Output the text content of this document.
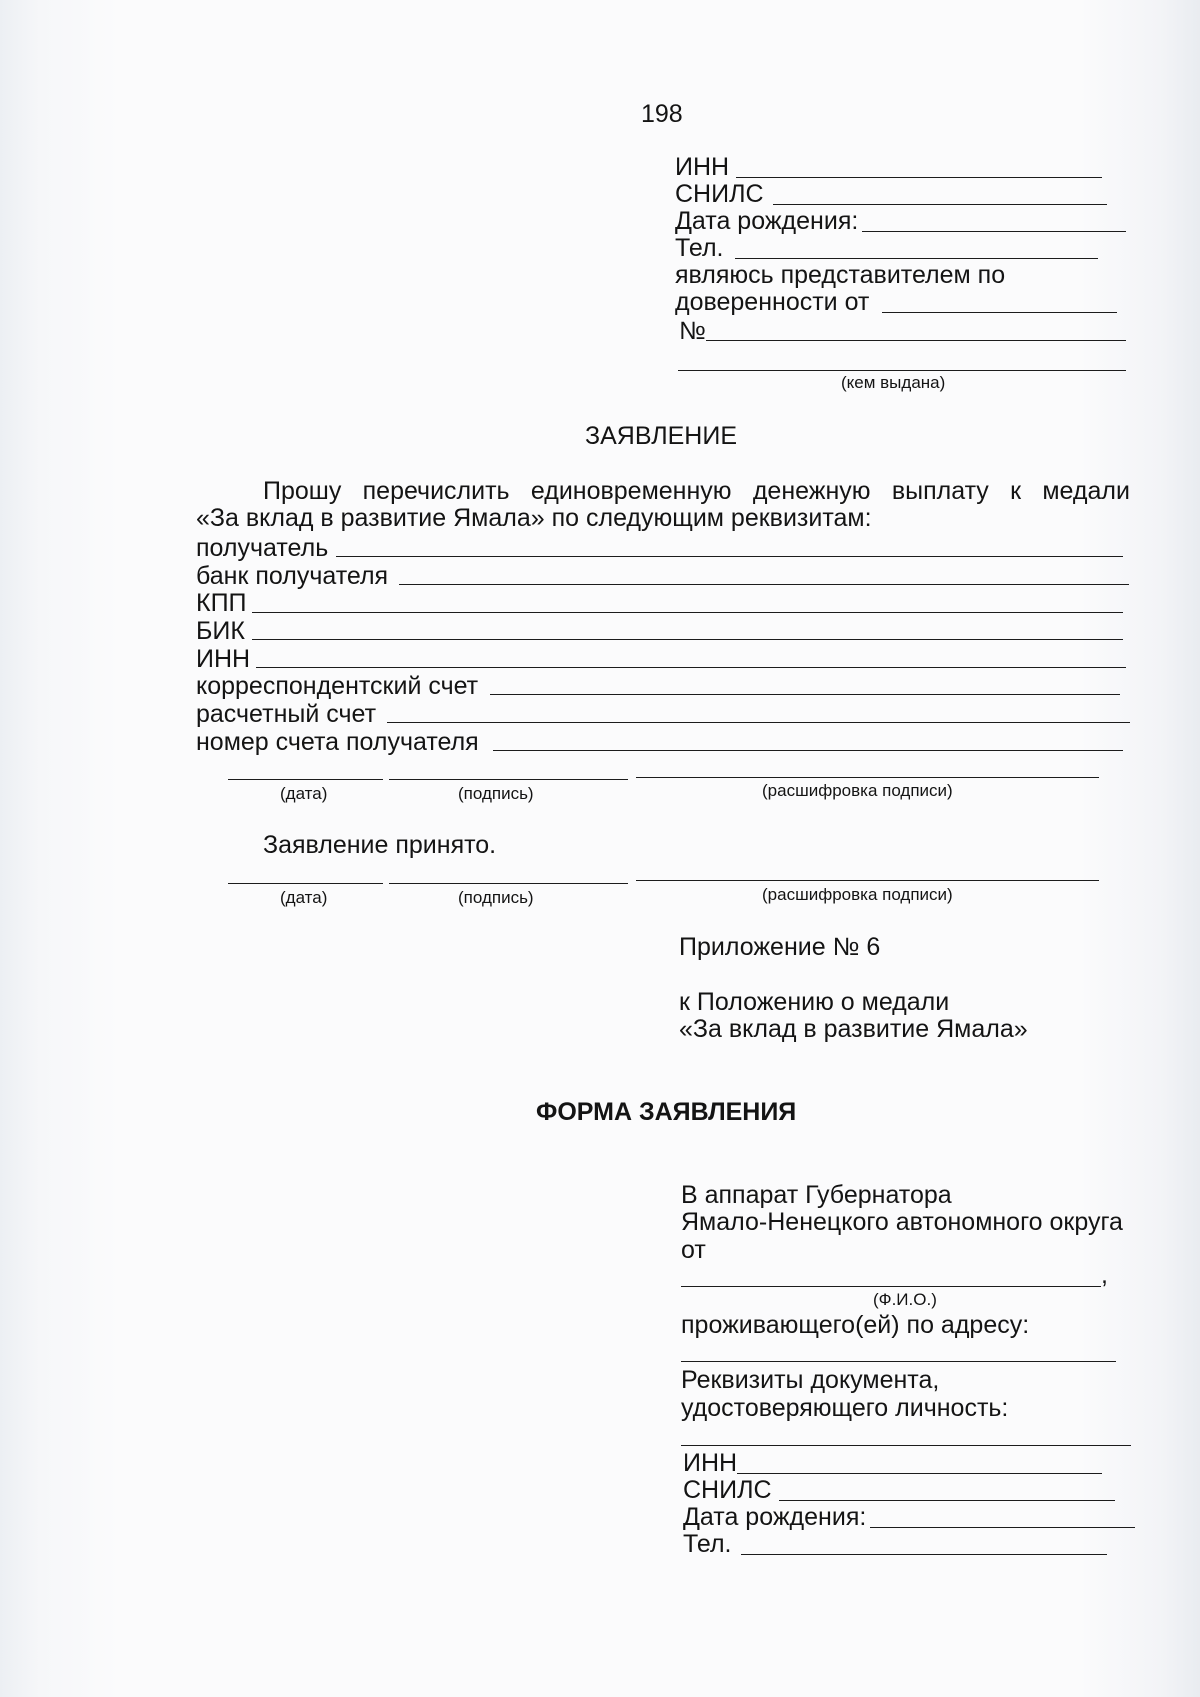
198
ИНН
СНИЛС
Дата рождения:
Тел.
являюсь представителем по
доверенности от
№
(кем выдана)
ЗАЯВЛЕНИЕ
Прошу перечислить единовременную денежную выплату к медали
«За вклад в развитие Ямала» по следующим реквизитам:
получатель
банк получателя
КПП
БИК
ИНН
корреспондентский счет
расчетный счет
номер счета получателя
(дата)	(подпись)	(расшифровка подписи)
Заявление принято.
(дата)	(подпись)	(расшифровка подписи)
Приложение № 6
к Положению о медали
«За вклад в развитие Ямала»
ФОРМА ЗАЯВЛЕНИЯ
В аппарат Губернатора
Ямало-Ненецкого автономного округа
от
,
(Ф.И.О.)
проживающего(ей) по адресу:
Реквизиты документа,
удостоверяющего личность:
ИНН
СНИЛС
Дата рождения:
Тел.
